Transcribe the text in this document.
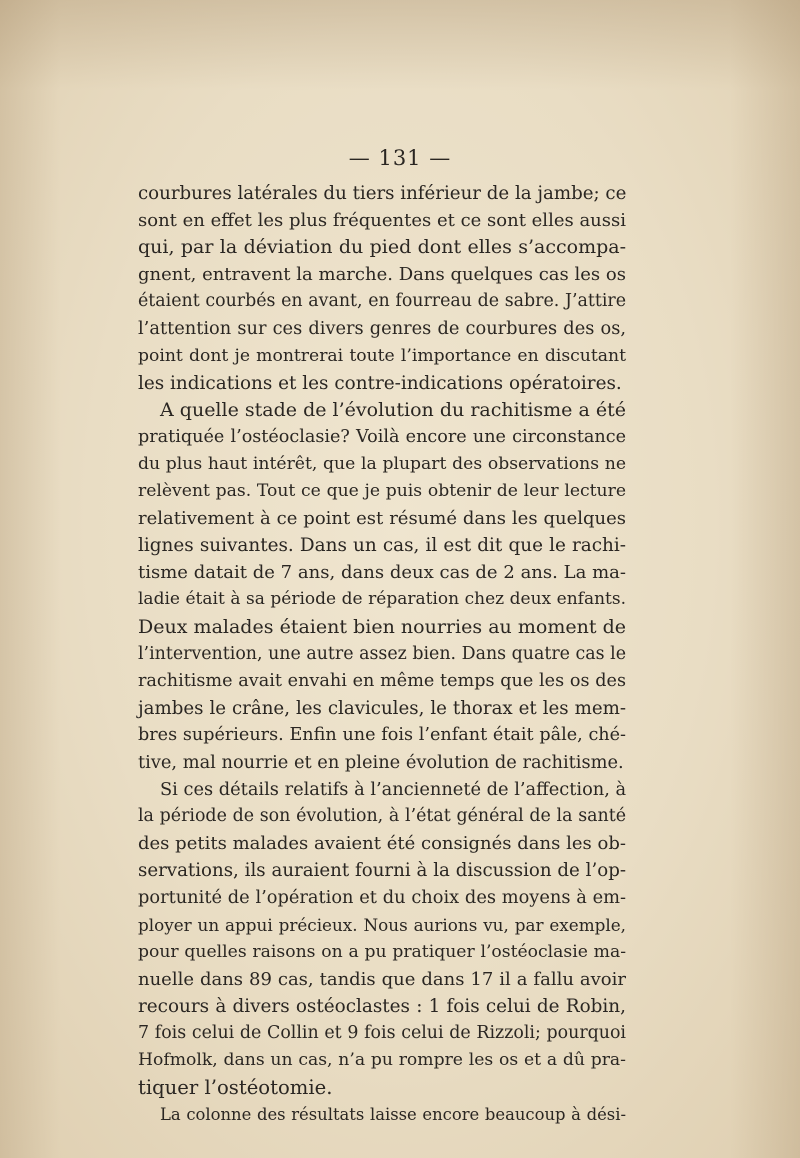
— 131 —
courbures latérales du tiers inférieur de la jambe; ce
sont en effet les plus fréquentes et ce sont elles aussi
qui, par la déviation du pied dont elles s’accompa-
gnent, entravent la marche. Dans quelques cas les os
étaient courbés en avant, en fourreau de sabre. J’attire
l’attention sur ces divers genres de courbures des os,
point dont je montrerai toute l’importance en discutant
les indications et les contre-indications opératoires.
A quelle stade de l’évolution du rachitisme a été
pratiquée l’ostéoclasie? Voilà encore une circonstance
du plus haut intérêt, que la plupart des observations ne
relèvent pas. Tout ce que je puis obtenir de leur lecture
relativement à ce point est résumé dans les quelques
lignes suivantes. Dans un cas, il est dit que le rachi-
tisme datait de 7 ans, dans deux cas de 2 ans. La ma-
ladie était à sa période de réparation chez deux enfants.
Deux malades étaient bien nourries au moment de
l’intervention, une autre assez bien. Dans quatre cas le
rachitisme avait envahi en même temps que les os des
jambes le crâne, les clavicules, le thorax et les mem-
bres supérieurs. Enfin une fois l’enfant était pâle, ché-
tive, mal nourrie et en pleine évolution de rachitisme.
Si ces détails relatifs à l’ancienneté de l’affection, à
la période de son évolution, à l’état général de la santé
des petits malades avaient été consignés dans les ob-
servations, ils auraient fourni à la discussion de l’op-
portunité de l’opération et du choix des moyens à em-
ployer un appui précieux. Nous aurions vu, par exemple,
pour quelles raisons on a pu pratiquer l’ostéoclasie ma-
nuelle dans 89 cas, tandis que dans 17 il a fallu avoir
recours à divers ostéoclastes : 1 fois celui de Robin,
7 fois celui de Collin et 9 fois celui de Rizzoli; pourquoi
Hofmolk, dans un cas, n’a pu rompre les os et a dû pra-
tiquer l’ostéotomie.
La colonne des résultats laisse encore beaucoup à dési-
